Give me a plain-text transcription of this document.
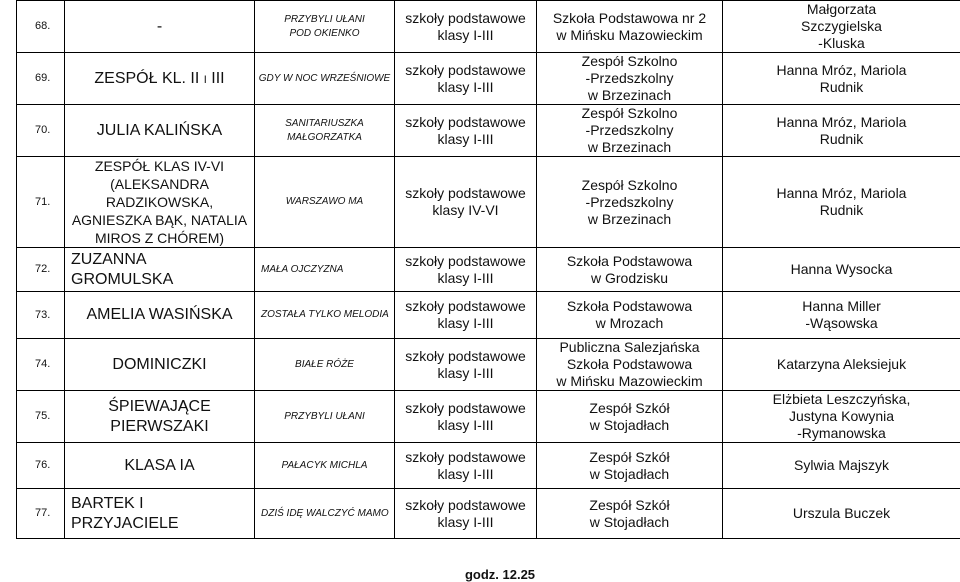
68.	-	PRZYBYLI UŁANI
POD OKIENKO	szkoły podstawowe
klasy I-III	Szkoła Podstawowa nr 2
w Mińsku Mazowieckim	Małgorzata
Szczygielska
-Kluska

69.	ZESPÓŁ KL. II i III	GDY W NOC WRZEŚNIOWE	szkoły podstawowe
klasy I-III	Zespół Szkolno
-Przedszkolny
w Brzezinach	Hanna Mróz, Mariola
Rudnik

70.	JULIA KALIŃSKA	SANITARIUSZKA
MAŁGORZATKA	szkoły podstawowe
klasy I-III	Zespół Szkolno
-Przedszkolny
w Brzezinach	Hanna Mróz, Mariola
Rudnik

71.	ZESPÓŁ KLAS IV-VI
(ALEKSANDRA RADZIKOWSKA,
AGNIESZKA BĄK, NATALIA
MIROS Z CHÓREM)	WARSZAWO MA	szkoły podstawowe
klasy IV-VI	Zespół Szkolno
-Przedszkolny
w Brzezinach	Hanna Mróz, Mariola
Rudnik

72.	ZUZANNA GROMULSKA	MAŁA OJCZYZNA	szkoły podstawowe
klasy I-III	Szkoła Podstawowa
w Grodzisku	Hanna Wysocka

73.	AMELIA WASIŃSKA	ZOSTAŁA TYLKO MELODIA	szkoły podstawowe
klasy I-III	Szkoła Podstawowa
w Mrozach	Hanna Miller
-Wąsowska

74.	DOMINICZKI	BIAŁE RÓŻE	szkoły podstawowe
klasy I-III	Publiczna Salezjańska
Szkoła Podstawowa
w Mińsku Mazowieckim	Katarzyna Aleksiejuk

75.	ŚPIEWAJĄCE
PIERWSZAKI	PRZYBYLI UŁANI	szkoły podstawowe
klasy I-III	Zespół Szkół
w Stojadłach	Elżbieta Leszczyńska,
Justyna Kowynia
-Rymanowska

76.	KLASA IA	PAŁACYK MICHLA	szkoły podstawowe
klasy I-III	Zespół Szkół
w Stojadłach	Sylwia Majszyk

77.	BARTEK I PRZYJACIELE	DZIŚ IDĘ WALCZYĆ MAMO	szkoły podstawowe
klasy I-III	Zespół Szkół
w Stojadłach	Urszula Buczek
godz. 12.25
